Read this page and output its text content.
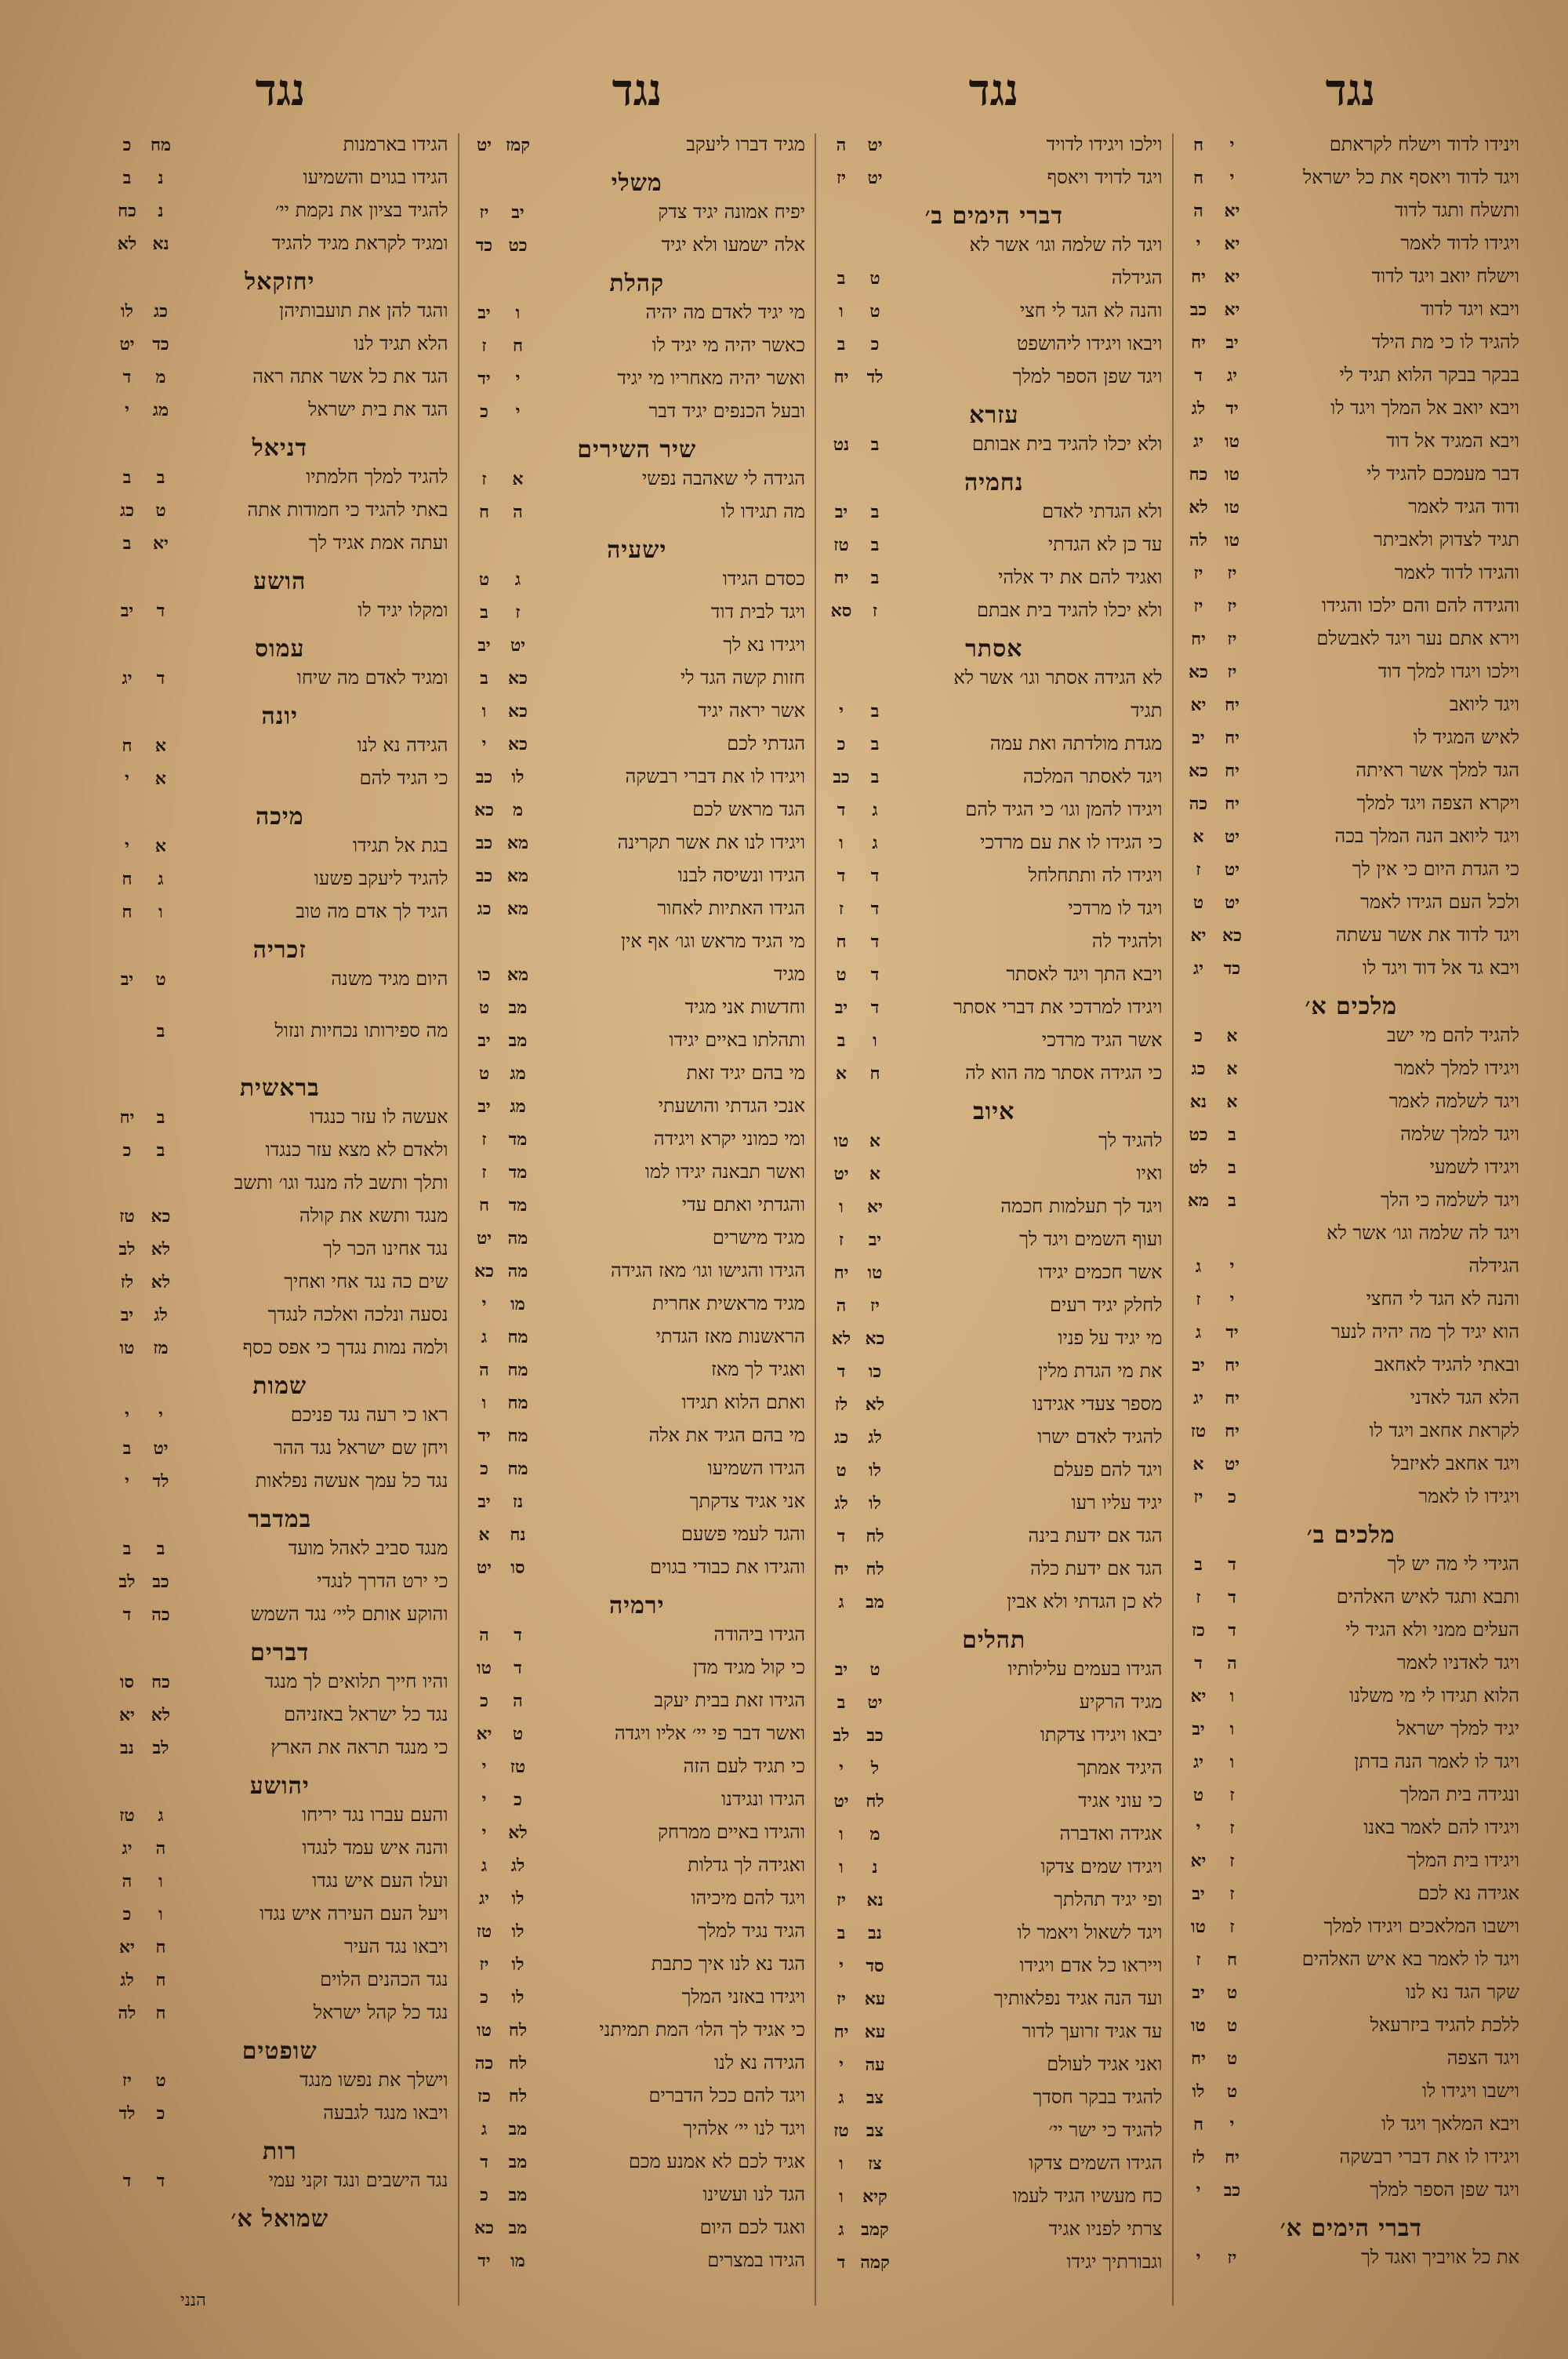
נגד
נגד
נגד
נגד
וינידו לדוד וישלח לקראתם
י
ח
ויגד לדוד ויאסף את כל ישראל
י
ח
ותשלח ותגד לדוד
יא
ה
ויגידו לדוד לאמר
יא
י
וישלח יואב ויגד לדוד
יא
יח
ויבא ויגד לדוד
יא
כב
להגיד לו כי מת הילד
יב
יח
בבקר בבקר הלוא תגיד לי
יג
ד
ויבא יואב אל המלך ויגד לו
יד
לג
ויבא המגיד אל דוד
טו
יג
דבר מעמכם להגיד לי
טו
כח
ודוד הגיד לאמר
טו
לא
תגיד לצדוק ולאביתר
טו
לה
והגידו לדוד לאמר
יז
יז
והגידה להם והם ילכו והגידו
יז
יז
וירא אתם נער ויגד לאבשלם
יז
יח
וילכו ויגדו למלך דוד
יז
כא
ויגד ליואב
יח
יא
לאיש המגיד לו
יח
יב
הגד למלך אשר ראיתה
יח
כא
ויקרא הצפה ויגד למלך
יח
כה
ויגד ליואב הנה המלך בכה
יט
א
כי הגדת היום כי אין לך
יט
ז
ולכל העם הגידו לאמר
יט
ט
ויגד לדוד את אשר עשתה
כא
יא
ויבא גד אל דוד ויגד לו
כד
יג
מלכים א׳
להגיד להם מי ישב
א
כ
ויגידו למלך לאמר
א
כג
ויגד לשלמה לאמר
א
נא
ויגד למלך שלמה
ב
כט
ויגידו לשמעי
ב
לט
ויגד לשלמה כי הלך
ב
מא
ויגד לה שלמה וגו׳ אשר לא
הגידלה
י
ג
והנה לא הגד לי החצי
י
ז
הוא יגיד לך מה יהיה לנער
יד
ג
ובאתי להגיד לאחאב
יח
יב
הלא הגד לאדני
יח
יג
לקראת אחאב ויגד לו
יח
טז
ויגד אחאב לאיזבל
יט
א
ויגידו לו לאמר
כ
יז
מלכים ב׳
הגידי לי מה יש לך
ד
ב
ותבא ותגד לאיש האלהים
ד
ז
העלים ממני ולא הגיד לי
ד
כז
ויגד לאדניו לאמר
ה
ד
הלוא תגידו לי מי משלנו
ו
יא
יגיד למלך ישראל
ו
יב
ויגד לו לאמר הנה בדתן
ו
יג
ונגידה בית המלך
ז
ט
ויגידו להם לאמר באנו
ז
י
ויגידו בית המלך
ז
יא
אגידה נא לכם
ז
יב
וישבו המלאכים ויגידו למלך
ז
טו
ויגד לו לאמר בא איש האלהים
ח
ז
שקר הגד נא לנו
ט
יב
ללכת להגיד ביזרעאל
ט
טו
ויגד הצפה
ט
יח
וישבו ויגידו לו
ט
לו
ויבא המלאך ויגד לו
י
ח
ויגידו לו את דברי רבשקה
יח
לז
ויגד שפן הספר למלך
כב
י
דברי הימים א׳
את כל אויביך ואגד לך
יז
י
וילכו ויגידו לדויד
יט
ה
ויגד לדויד ויאסף
יט
יז
דברי הימים ב׳
ויגד לה שלמה וגו׳ אשר לא
הגידלה
ט
ב
והנה לא הגד לי חצי
ט
ו
ויבאו ויגידו ליהושפט
כ
ב
ויגד שפן הספר למלך
לד
יח
עזרא
ולא יכלו להגיד בית אבותם
ב
נט
נחמיה
ולא הגדתי לאדם
ב
יב
עד כן לא הגדתי
ב
טז
ואגיד להם את יד אלהי
ב
יח
ולא יכלו להגיד בית אבתם
ז
סא
אסתר
לא הגידה אסתר וגו׳ אשר לא
תגיד
ב
י
מגדת מולדתה ואת עמה
ב
כ
ויגד לאסתר המלכה
ב
כב
ויגידו להמן וגו׳ כי הגיד להם
ג
ד
כי הגידו לו את עם מרדכי
ג
ו
ויגידו לה ותתחלחל
ד
ד
ויגד לו מרדכי
ד
ז
ולהגיד לה
ד
ח
ויבא התך ויגד לאסתר
ד
ט
ויגידו למרדכי את דברי אסתר
ד
יב
אשר הגיד מרדכי
ו
ב
כי הגידה אסתר מה הוא לה
ח
א
איוב
להגיד לך
א
טו
ואיו
א
יט
ויגד לך תעלמות חכמה
יא
ו
ועוף השמים ויגד לך
יב
ז
אשר חכמים יגידו
טו
יח
לחלק יגיד רעים
יז
ה
מי יגיד על פניו
כא
לא
את מי הגדת מלין
כו
ד
מספר צעדי אגידנו
לא
לז
להגיד לאדם ישרו
לג
כג
ויגד להם פעלם
לו
ט
יגיד עליו רעו
לו
לג
הגד אם ידעת בינה
לח
ד
הגד אם ידעת כלה
לח
יח
לא כן הגדתי ולא אבין
מב
ג
תהלים
הגידו בעמים עלילותיו
ט
יב
מגיד הרקיע
יט
ב
יבאו ויגידו צדקתו
כב
לב
היגיד אמתך
ל
י
כי עוני אגיד
לח
יט
אגידה ואדברה
מ
ו
ויגידו שמים צדקו
נ
ו
ופי יגיד תהלתך
נא
יז
ויגד לשאול ויאמר לו
נב
ב
וייראו כל אדם ויגידו
סד
י
ועד הנה אגיד נפלאותיך
עא
יז
עד אגיד זרועך לדור
עא
יח
ואני אגיד לעולם
עה
י
להגיד בבקר חסדך
צב
ג
להגיד כי ישר יי׳
צב
טז
הגידו השמים צדקו
צז
ו
כח מעשיו הגיד לעמו
קיא
ו
צרתי לפניו אגיד
קמב
ג
וגבורתיך יגידו
קמה
ד
מגיד דברו ליעקב
קמז
יט
משלי
יפיח אמונה יגיד צדק
יב
יז
אלה ישמעו ולא יגיד
כט
כד
קהלת
מי יגיד לאדם מה יהיה
ו
יב
כאשר יהיה מי יגיד לו
ח
ז
ואשר יהיה מאחריו מי יגיד
י
יד
ובעל הכנפים יגיד דבר
י
כ
שיר השירים
הגידה לי שאהבה נפשי
א
ז
מה תגידו לו
ה
ח
ישעיה
כסדם הגידו
ג
ט
ויגד לבית דוד
ז
ב
ויגידו נא לך
יט
יב
חזות קשה הגד לי
כא
ב
אשר יראה יגיד
כא
ו
הגדתי לכם
כא
י
ויגידו לו את דברי רבשקה
לו
כב
הגד מראש לכם
מ
כא
ויגידו לנו את אשר תקרינה
מא
כב
הגידו ונשיסה לבנו
מא
כב
הגידו האתיות לאחור
מא
כג
מי הגיד מראש וגו׳ אף אין
מגיד
מא
כו
וחדשות אני מגיד
מב
ט
ותהלתו באיים יגידו
מב
יב
מי בהם יגיד זאת
מג
ט
אנכי הגדתי והושעתי
מג
יב
ומי כמוני יקרא ויגידה
מד
ז
ואשר תבאנה יגידו למו
מד
ז
והגדתי ואתם עדי
מד
ח
מגיד מישרים
מה
יט
הגידו והגישו וגו׳ מאז הגידה
מה
כא
מגיד מראשית אחרית
מו
י
הראשנות מאז הגדתי
מח
ג
ואגיד לך מאז
מח
ה
ואתם הלוא תגידו
מח
ו
מי בהם הגיד את אלה
מח
יד
הגידו השמיעו
מח
כ
אני אגיד צדקתך
נז
יב
והגד לעמי פשעם
נח
א
והגידו את כבודי בגוים
סו
יט
ירמיה
הגידו ביהודה
ד
ה
כי קול מגיד מדן
ד
טו
הגידו זאת בבית יעקב
ה
כ
ואשר דבר פי יי׳ אליו ויגדה
ט
יא
כי תגיד לעם הזה
טז
י
הגידו ונגידנו
כ
י
והגידו באיים ממרחק
לא
י
ואגידה לך גדלות
לג
ג
ויגד להם מיכיהו
לו
יג
הגיד נגיד למלך
לו
טז
הגד נא לנו איך כתבת
לו
יז
ויגידו באזני המלך
לו
כ
כי אגיד לך הלו׳ המת תמיתני
לח
טו
הגידה נא לנו
לח
כה
ויגד להם ככל הדברים
לח
כז
ויגד לנו יי׳ אלהיך
מב
ג
אגיד לכם לא אמנע מכם
מב
ד
הגד לנו ועשינו
מב
כ
ואגד לכם היום
מב
כא
הגידו במצרים
מו
יד
הגידו בארמנות
מח
כ
הגידו בגוים והשמיעו
נ
ב
להגיד בציון את נקמת יי׳
נ
כח
ומגיד לקראת מגיד להגיד
נא
לא
יחזקאל
והגד להן את תועבותיהן
כג
לו
הלא תגיד לנו
כד
יט
הגד את כל אשר אתה ראה
מ
ד
הגד את בית ישראל
מג
י
דניאל
להגיד למלך חלמתיו
ב
ב
באתי להגיד כי חמודות אתה
ט
כג
ועתה אמת אגיד לך
יא
ב
הושע
ומקלו יגיד לו
ד
יב
עמוס
ומגיד לאדם מה שיחו
ד
יג
יונה
הגידה נא לנו
א
ח
כי הגיד להם
א
י
מיכה
בגת אל תגידו
א
י
להגיד ליעקב פשעו
ג
ח
הגיד לך אדם מה טוב
ו
ח
זכריה
היום מגיד משנה
ט
יב
מה ספירותו נכחיות ונזול
ב
בראשית
אעשה לו עזר כנגדו
ב
יח
ולאדם לא מצא עזר כנגדו
ב
כ
ותלך ותשב לה מנגד וגו׳ ותשב
מנגד ותשא את קולה
כא
טז
נגד אחינו הכר לך
לא
לב
שים כה נגד אחי ואחיך
לא
לז
נסעה ונלכה ואלכה לנגדך
לג
יב
ולמה נמות נגדך כי אפס כסף
מז
טו
שמות
ראו כי רעה נגד פניכם
י
י
ויחן שם ישראל נגד ההר
יט
ב
נגד כל עמך אעשה נפלאות
לד
י
במדבר
מנגד סביב לאהל מועד
ב
ב
כי ירט הדרך לנגדי
כב
לב
והוקע אותם ליי׳ נגד השמש
כה
ד
דברים
והיו חייך תלואים לך מנגד
כח
סו
נגד כל ישראל באזניהם
לא
יא
כי מנגד תראה את הארץ
לב
נב
יהושע
והעם עברו נגד יריחו
ג
טז
והנה איש עמד לנגדו
ה
יג
ועלו העם איש נגדו
ו
ה
ויעל העם העירה איש נגדו
ו
כ
ויבאו נגד העיר
ח
יא
נגד הכהנים הלוים
ח
לג
נגד כל קהל ישראל
ח
לה
שופטים
וישלך את נפשו מנגד
ט
יז
ויבאו מנגד לגבעה
כ
לד
רות
נגד הישבים ונגד זקני עמי
ד
ד
שמואל א׳
הנני
